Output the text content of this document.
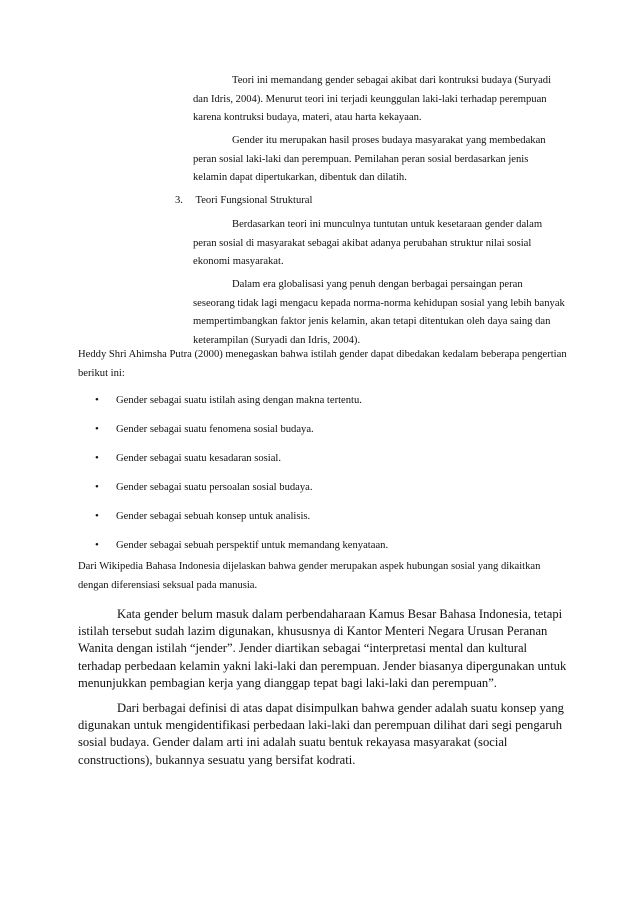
Teori ini memandang gender sebagai akibat dari kontruksi budaya (Suryadi dan Idris, 2004). Menurut teori ini terjadi keunggulan laki-laki terhadap perempuan karena kontruksi budaya, materi, atau harta kekayaan.

Gender itu merupakan hasil proses budaya masyarakat yang membedakan peran sosial laki-laki dan perempuan. Pemilahan peran sosial berdasarkan jenis kelamin dapat dipertukarkan, dibentuk dan dilatih.

3. Teori Fungsional Struktural

Berdasarkan teori ini munculnya tuntutan untuk kesetaraan gender dalam peran sosial di masyarakat sebagai akibat adanya perubahan struktur nilai sosial ekonomi masyarakat.

Dalam era globalisasi yang penuh dengan berbagai persaingan peran seseorang tidak lagi mengacu kepada norma-norma kehidupan sosial yang lebih banyak mempertimbangkan faktor jenis kelamin, akan tetapi ditentukan oleh daya saing dan keterampilan (Suryadi dan Idris, 2004).

Heddy Shri Ahimsha Putra (2000) menegaskan bahwa istilah gender dapat dibedakan kedalam beberapa pengertian berikut ini:

• Gender sebagai suatu istilah asing dengan makna tertentu.
• Gender sebagai suatu fenomena sosial budaya.
• Gender sebagai suatu kesadaran sosial.
• Gender sebagai suatu persoalan sosial budaya.
• Gender sebagai sebuah konsep untuk analisis.
• Gender sebagai sebuah perspektif untuk memandang kenyataan.

Dari Wikipedia Bahasa Indonesia dijelaskan bahwa gender merupakan aspek hubungan sosial yang dikaitkan dengan diferensiasi seksual pada manusia.

Kata gender belum masuk dalam perbendaharaan Kamus Besar Bahasa Indonesia, tetapi istilah tersebut sudah lazim digunakan, khususnya di Kantor Menteri Negara Urusan Peranan Wanita dengan istilah “jender”. Jender diartikan sebagai “interpretasi mental dan kultural terhadap perbedaan kelamin yakni laki-laki dan perempuan. Jender biasanya dipergunakan untuk menunjukkan pembagian kerja yang dianggap tepat bagi laki-laki dan perempuan”.

Dari berbagai definisi di atas dapat disimpulkan bahwa gender adalah suatu konsep yang digunakan untuk mengidentifikasi perbedaan laki-laki dan perempuan dilihat dari segi pengaruh sosial budaya. Gender dalam arti ini adalah suatu bentuk rekayasa masyarakat (social constructions), bukannya sesuatu yang bersifat kodrati.
